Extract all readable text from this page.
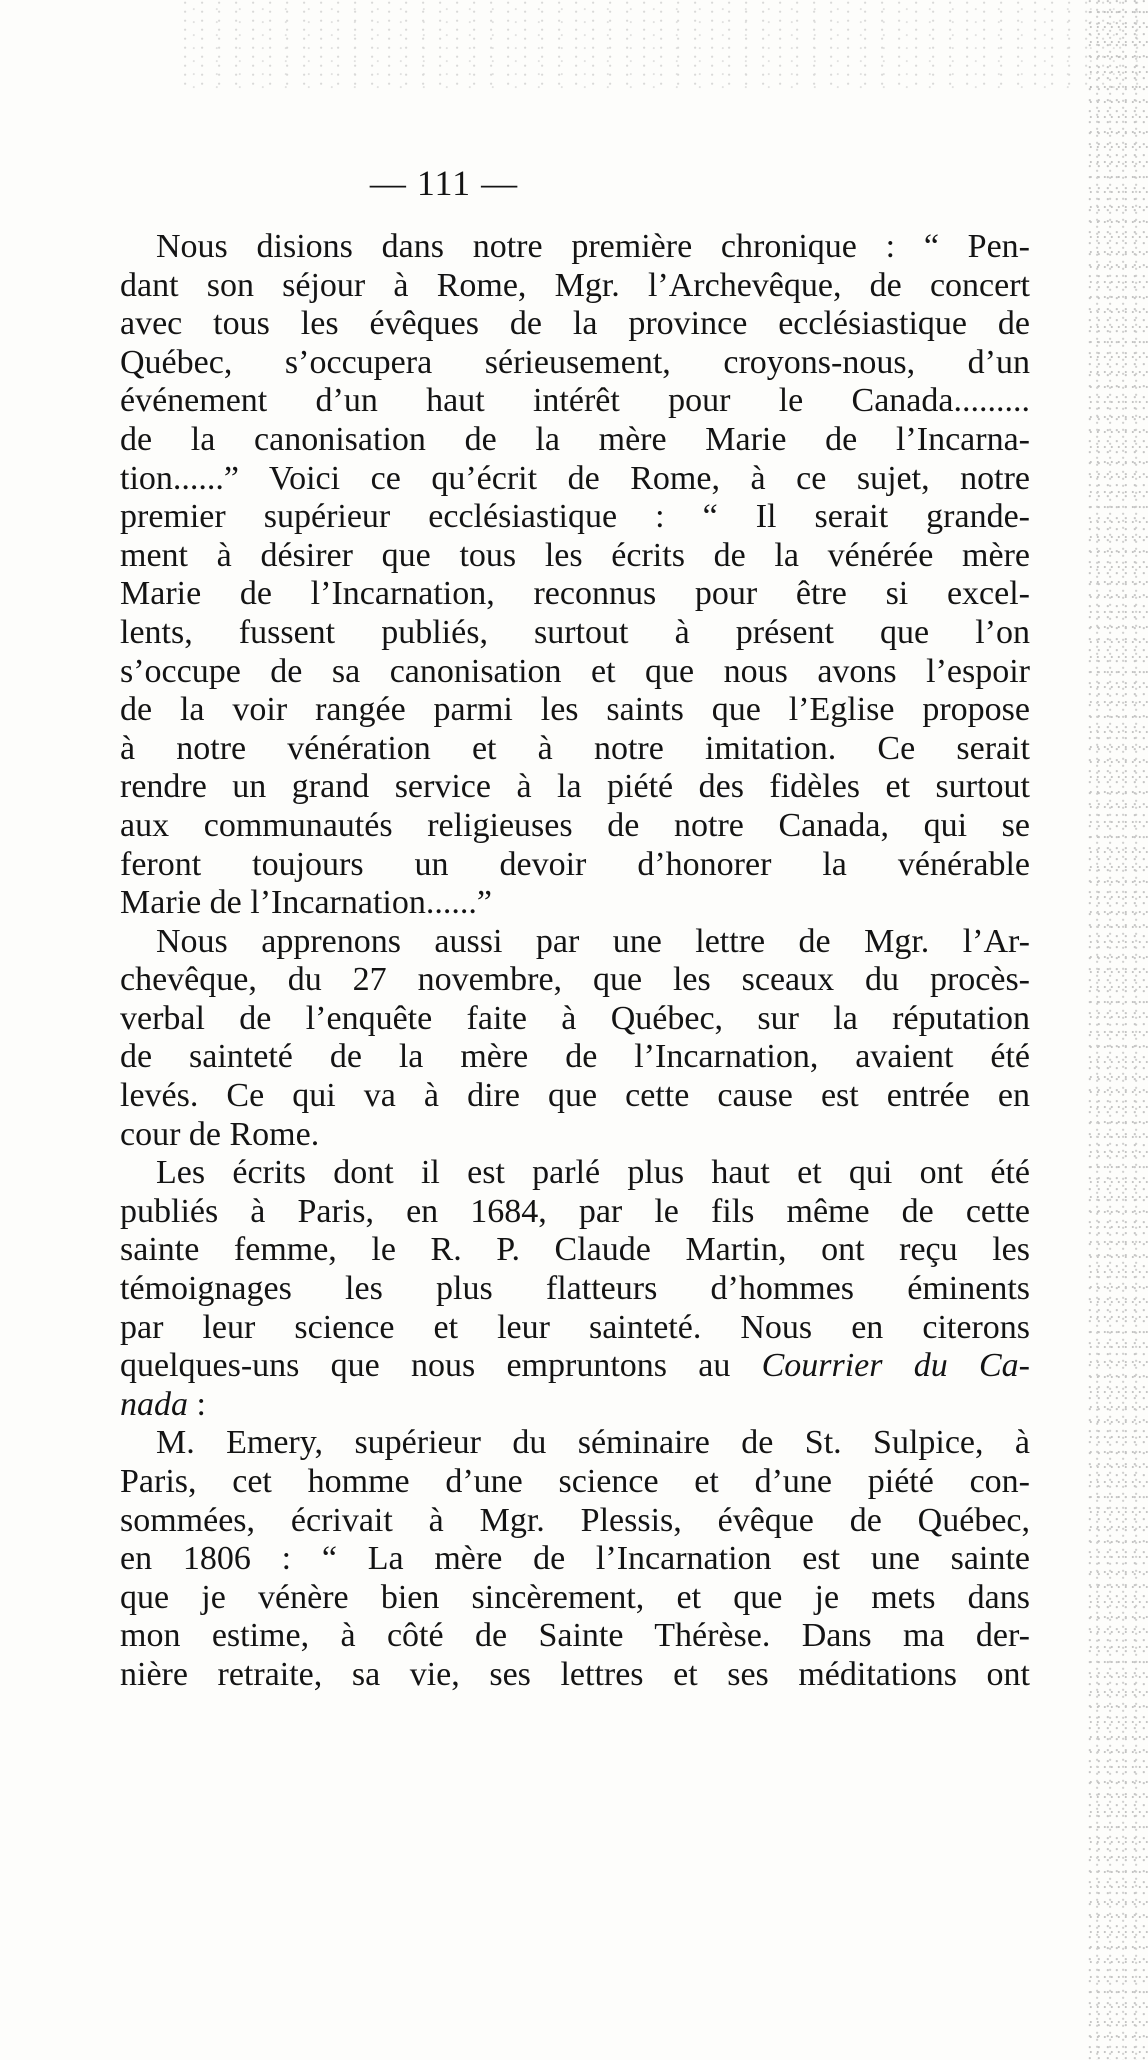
— 111 —
Nous disions dans notre première chronique : “ Pen-
dant son séjour à Rome, Mgr. l’Archevêque, de concert
avec tous les évêques de la province ecclésiastique de
Québec, s’occupera sérieusement, croyons-nous, d’un
événement d’un haut intérêt pour le Canada.........
de la canonisation de la mère Marie de l’Incarna-
tion......” Voici ce qu’écrit de Rome, à ce sujet, notre
premier supérieur ecclésiastique : “ Il serait grande-
ment à désirer que tous les écrits de la vénérée mère
Marie de l’Incarnation, reconnus pour être si excel-
lents, fussent publiés, surtout à présent que l’on
s’occupe de sa canonisation et que nous avons l’espoir
de la voir rangée parmi les saints que l’Eglise propose
à notre vénération et à notre imitation. Ce serait
rendre un grand service à la piété des fidèles et surtout
aux communautés religieuses de notre Canada, qui se
feront toujours un devoir d’honorer la vénérable
Marie de l’Incarnation......”
Nous apprenons aussi par une lettre de Mgr. l’Ar-
chevêque, du 27 novembre, que les sceaux du procès-
verbal de l’enquête faite à Québec, sur la réputation
de sainteté de la mère de l’Incarnation, avaient été
levés. Ce qui va à dire que cette cause est entrée en
cour de Rome.
Les écrits dont il est parlé plus haut et qui ont été
publiés à Paris, en 1684, par le fils même de cette
sainte femme, le R. P. Claude Martin, ont reçu les
témoignages les plus flatteurs d’hommes éminents
par leur science et leur sainteté. Nous en citerons
quelques-uns que nous empruntons au Courrier du Ca-
nada :
M. Emery, supérieur du séminaire de St. Sulpice, à
Paris, cet homme d’une science et d’une piété con-
sommées, écrivait à Mgr. Plessis, évêque de Québec,
en 1806 : “ La mère de l’Incarnation est une sainte
que je vénère bien sincèrement, et que je mets dans
mon estime, à côté de Sainte Thérèse. Dans ma der-
nière retraite, sa vie, ses lettres et ses méditations ont
